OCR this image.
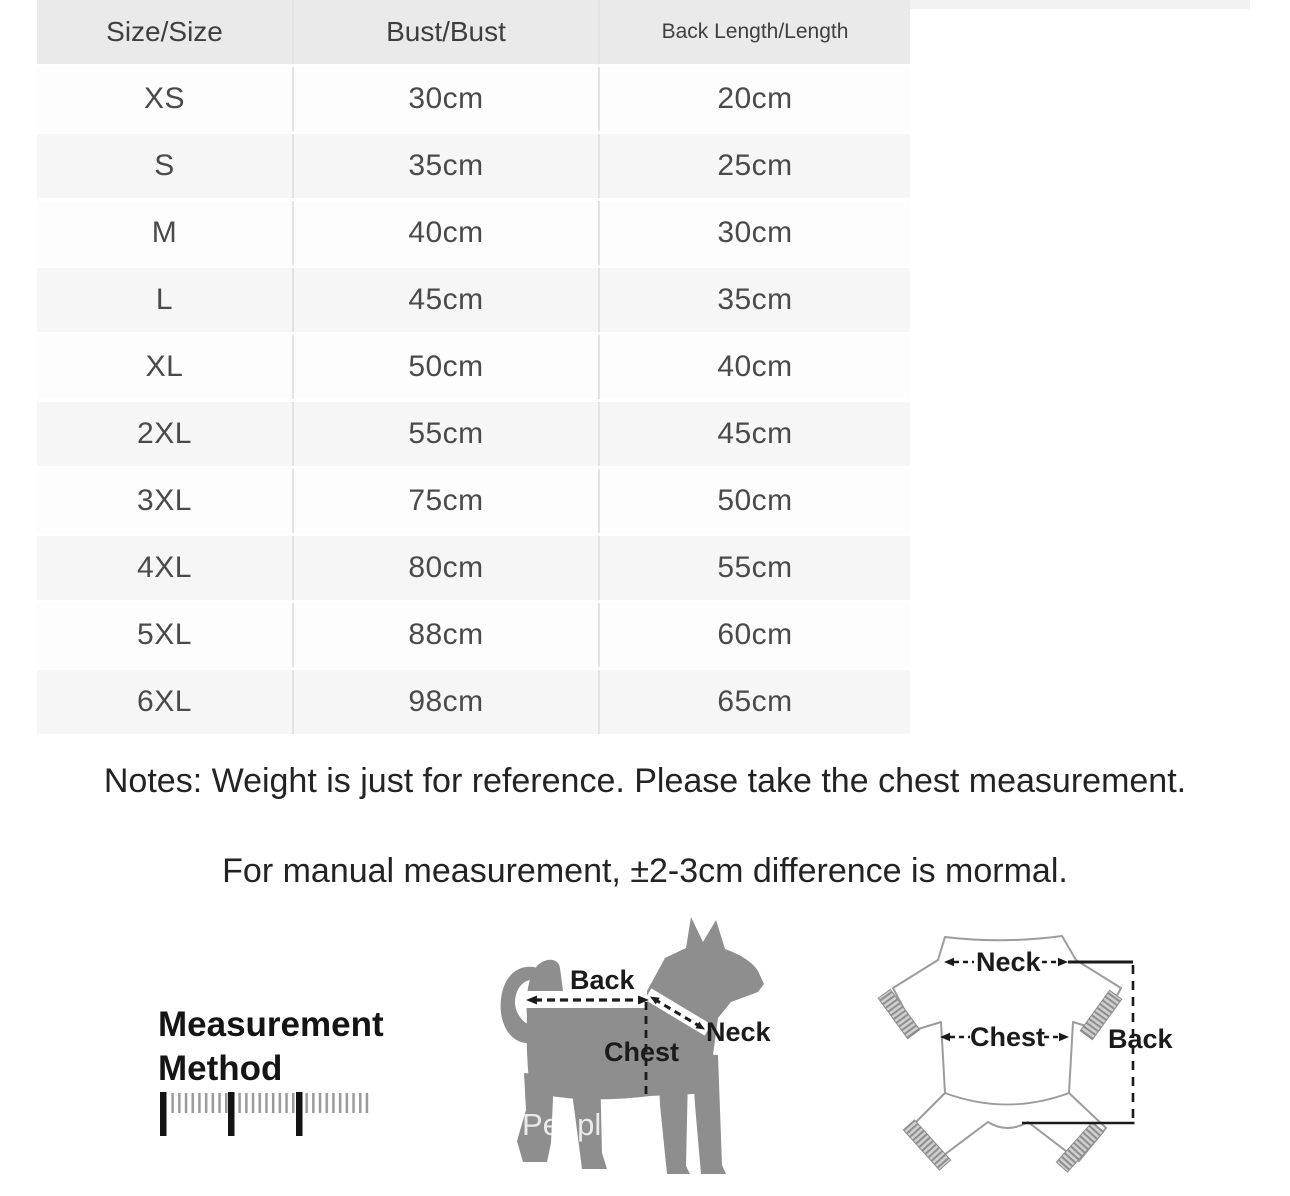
Size/Size	Bust/Bust	Back Length/Length
XS	30cm	20cm
S	35cm	25cm
M	40cm	30cm
L	45cm	35cm
XL	50cm	40cm
2XL	55cm	45cm
3XL	75cm	50cm
4XL	80cm	55cm
5XL	88cm	60cm
6XL	98cm	65cm
Notes: Weight is just for reference. Please take the chest measurement.
For manual measurement, ±2-3cm difference is mormal.
Measurement
Method
Back
Neck
Chest
Peopl
Neck
Chest Back
